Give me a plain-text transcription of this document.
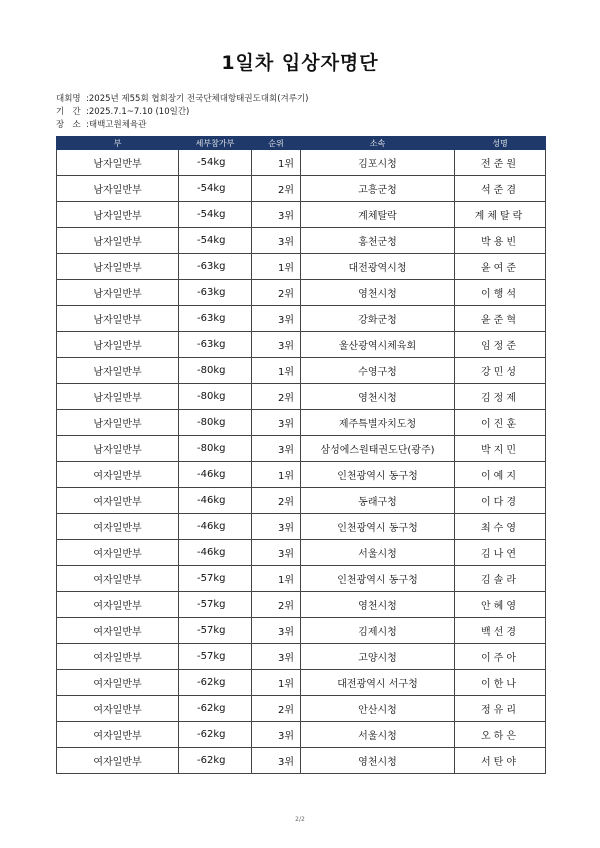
1일차 입상자명단
대회명 : 2025년 제55회 협회장기 전국단체대항태권도대회(겨루기)
기   간 : 2025.7.1~7.10 (10일간)
장   소 : 태백고원체육관
부	세부참가부	순위	소속	성명
남자일반부	-54kg	1위	김포시청	전준원
남자일반부	-54kg	2위	고흥군청	석준겸
남자일반부	-54kg	3위	계체탈락	계체탈락
남자일반부	-54kg	3위	홍천군청	박용빈
남자일반부	-63kg	1위	대전광역시청	윤여준
남자일반부	-63kg	2위	영천시청	이행석
남자일반부	-63kg	3위	강화군청	윤준혁
남자일반부	-63kg	3위	울산광역시체육회	임정준
남자일반부	-80kg	1위	수영구청	강민성
남자일반부	-80kg	2위	영천시청	김정제
남자일반부	-80kg	3위	제주특별자치도청	이진훈
남자일반부	-80kg	3위	삼성에스원태권도단(광주)	박지민
여자일반부	-46kg	1위	인천광역시 동구청	이예지
여자일반부	-46kg	2위	동래구청	이다경
여자일반부	-46kg	3위	인천광역시 동구청	최수영
여자일반부	-46kg	3위	서울시청	김나연
여자일반부	-57kg	1위	인천광역시 동구청	김솔라
여자일반부	-57kg	2위	영천시청	안혜영
여자일반부	-57kg	3위	김제시청	백선경
여자일반부	-57kg	3위	고양시청	이주아
여자일반부	-62kg	1위	대전광역시 서구청	이한나
여자일반부	-62kg	2위	안산시청	정유리
여자일반부	-62kg	3위	서울시청	오하은
여자일반부	-62kg	3위	영천시청	서탄야
2/2
